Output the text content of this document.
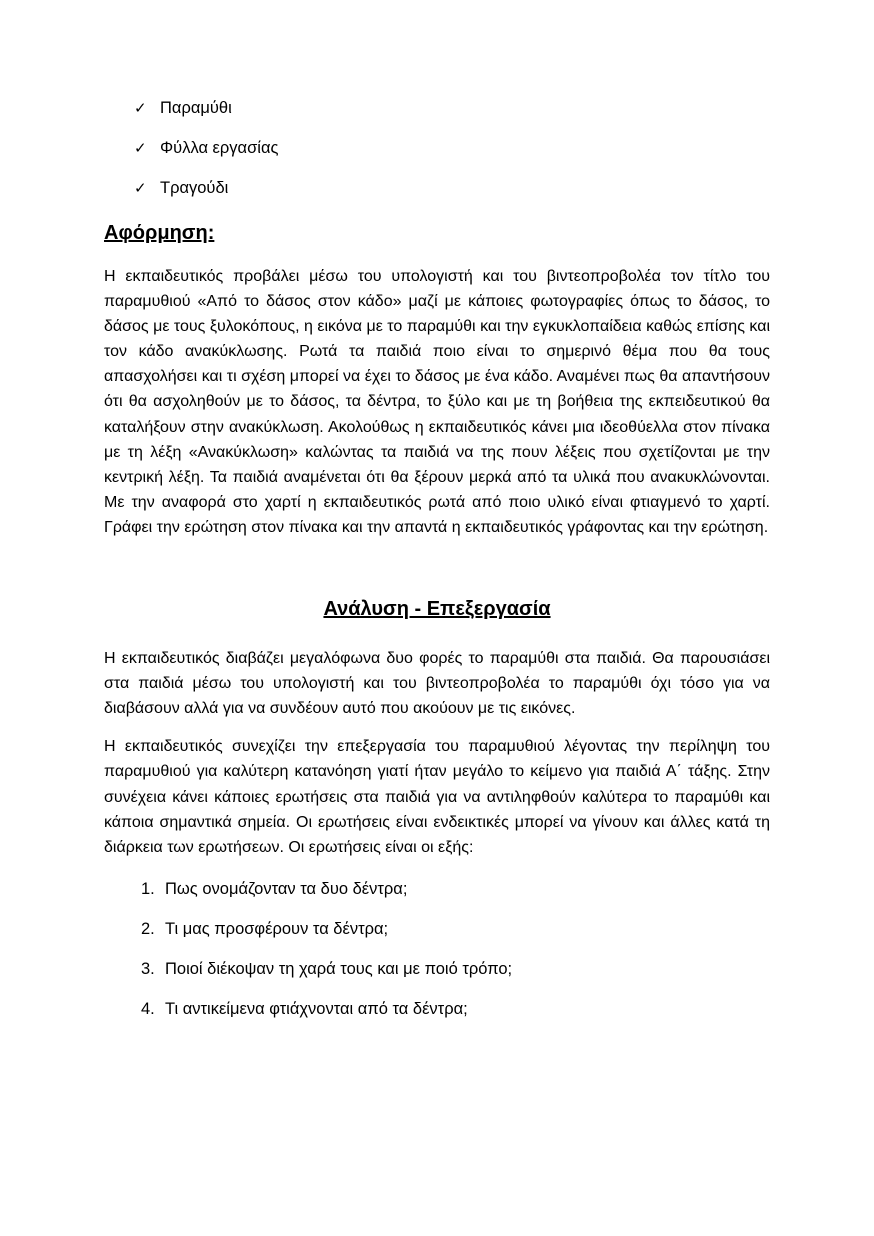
✓ Παραμύθι
✓ Φύλλα εργασίας
✓ Τραγούδι
Αφόρμηση:

Η εκπαιδευτικός προβάλει μέσω του υπολογιστή και του βιντεοπροβολέα τον τίτλο του παραμυθιού «Από το δάσος στον κάδο» μαζί με κάποιες φωτογραφίες όπως το δάσος, το δάσος με τους ξυλοκόπους, η εικόνα με το παραμύθι και την εγκυκλοπαίδεια καθώς επίσης και τον κάδο ανακύκλωσης. Ρωτά τα παιδιά ποιο είναι το σημερινό θέμα που θα τους απασχολήσει και τι σχέση μπορεί να έχει το δάσος με ένα κάδο. Αναμένει πως θα απαντήσουν ότι θα ασχοληθούν με το δάσος, τα δέντρα, το ξύλο και με τη βοήθεια της εκπειδευτικού θα καταλήξουν στην ανακύκλωση. Ακολούθως η εκπαιδευτικός κάνει μια ιδεοθύελλα στον πίνακα με τη λέξη «Ανακύκλωση» καλώντας τα παιδιά να της πουν λέξεις που σχετίζονται με την κεντρική λέξη. Τα παιδιά αναμένεται ότι θα ξέρουν μερκά από τα υλικά που ανακυκλώνονται. Με την αναφορά στο χαρτί η εκπαιδευτικός ρωτά από ποιο υλικό είναι φτιαγμενό το χαρτί. Γράφει την ερώτηση στον πίνακα και την απαντά η εκπαιδευτικός γράφοντας και την ερώτηση.

Ανάλυση - Επεξεργασία

Η εκπαιδευτικός διαβάζει μεγαλόφωνα δυο φορές το παραμύθι στα παιδιά. Θα παρουσιάσει στα παιδιά μέσω του υπολογιστή και του βιντεοπροβολέα το παραμύθι όχι τόσο για να διαβάσουν αλλά για να συνδέουν αυτό που ακούουν με τις εικόνες.

Η εκπαιδευτικός συνεχίζει την επεξεργασία του παραμυθιού λέγοντας την περίληψη του παραμυθιού για καλύτερη κατανόηση γιατί ήταν μεγάλο το κείμενο για παιδιά Α΄ τάξης. Στην συνέχεια κάνει κάποιες ερωτήσεις στα παιδιά για να αντιληφθούν καλύτερα το παραμύθι και κάποια σημαντικά σημεία. Οι ερωτήσεις είναι ενδεικτικές μπορεί να γίνουν και άλλες κατά τη διάρκεια των ερωτήσεων. Οι ερωτήσεις είναι οι εξής:

1. Πως ονομάζονταν τα δυο δέντρα;
2. Τι μας προσφέρουν τα δέντρα;
3. Ποιοί διέκοψαν τη χαρά τους και με ποιό τρόπο;
4. Τι αντικείμενα φτιάχνονται από τα δέντρα;
